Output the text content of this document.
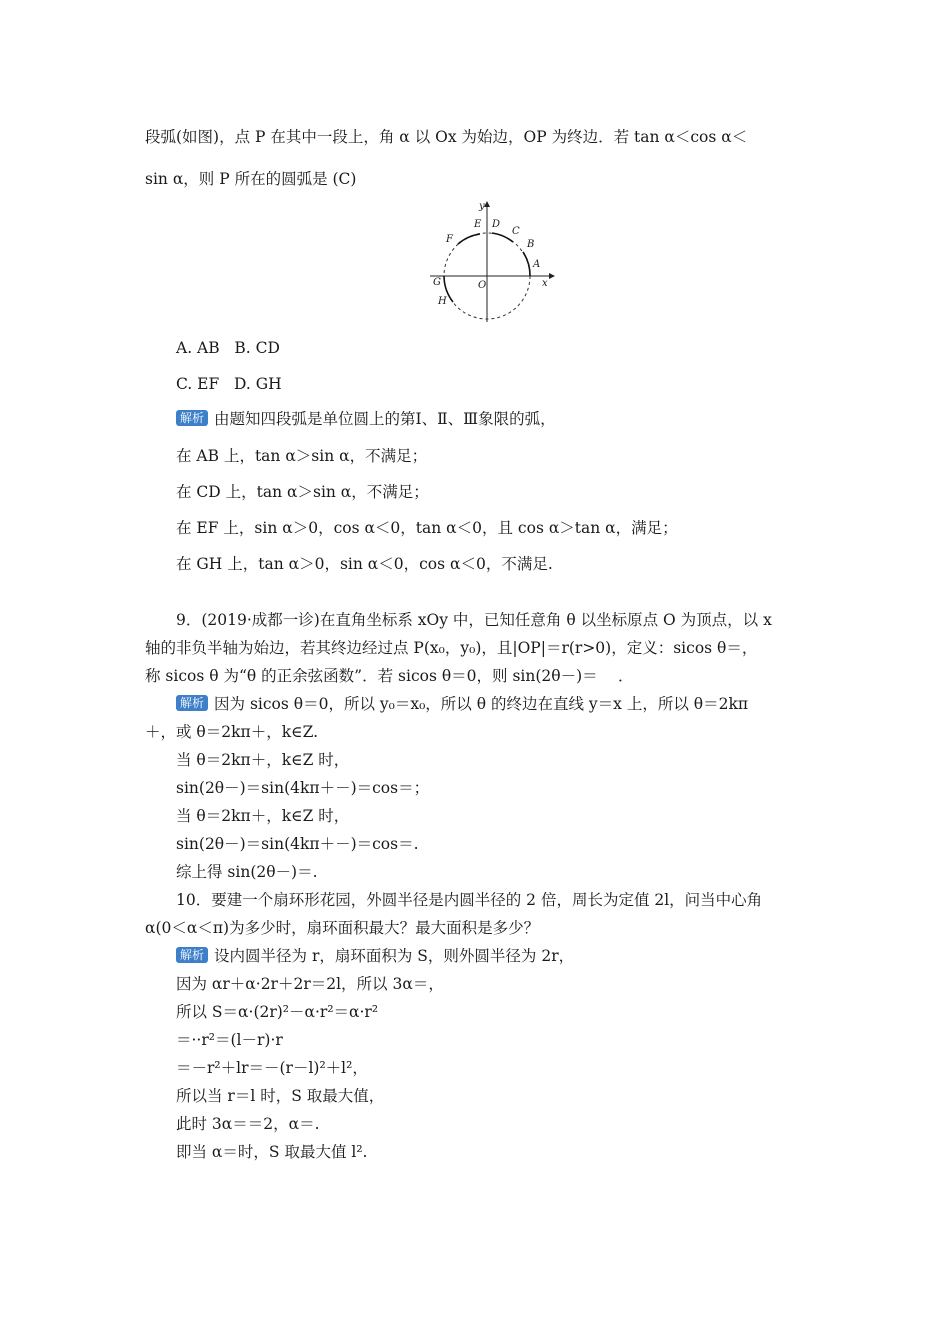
段弧(如图)，点 P 在其中一段上，角 α 以 Ox 为始边，OP 为终边．若 tan α＜cos α＜
sin α，则 P 所在的圆弧是 (C)
y
x
O
A
B
C
D
E
F
G
H
A. AB   B. CD
C. EF   D. GH
解析 由题知四段弧是单位圆上的第Ⅰ、Ⅱ、Ⅲ象限的弧，
在 AB 上，tan α＞sin α，不满足；
在 CD 上，tan α＞sin α，不满足；
在 EF 上，sin α＞0，cos α＜0，tan α＜0，且 cos α＞tan α，满足；
在 GH 上，tan α＞0，sin α＜0，cos α＜0，不满足.
9．(2019·成都一诊)在直角坐标系 xOy 中，已知任意角 θ 以坐标原点 O 为顶点，以 x
轴的非负半轴为始边，若其终边经过点 P(x₀，y₀)，且|OP|＝r(r>0)，定义：sicos θ＝，
称 sicos θ 为“θ 的正余弦函数”．若 sicos θ＝0，则 sin(2θ－)＝　 ．
解析 因为 sicos θ＝0，所以 y₀＝x₀，所以 θ 的终边在直线 y＝x 上，所以 θ＝2kπ
＋，或 θ＝2kπ＋，k∈Z.
当 θ＝2kπ＋，k∈Z 时，
sin(2θ－)＝sin(4kπ＋－)＝cos＝；
当 θ＝2kπ＋，k∈Z 时，
sin(2θ－)＝sin(4kπ＋－)＝cos＝.
综上得 sin(2θ－)＝.
10．要建一个扇环形花园，外圆半径是内圆半径的 2 倍，周长为定值 2l，问当中心角
α(0＜α＜π)为多少时，扇环面积最大？最大面积是多少？
解析 设内圆半径为 r，扇环面积为 S，则外圆半径为 2r，
因为 αr＋α·2r＋2r＝2l，所以 3α＝，
所以 S＝α·(2r)²－α·r²＝α·r²
＝··r²＝(l－r)·r
＝－r²＋lr＝－(r－l)²＋l²，
所以当 r＝l 时，S 取最大值，
此时 3α＝＝2，α＝.
即当 α＝时，S 取最大值 l².
